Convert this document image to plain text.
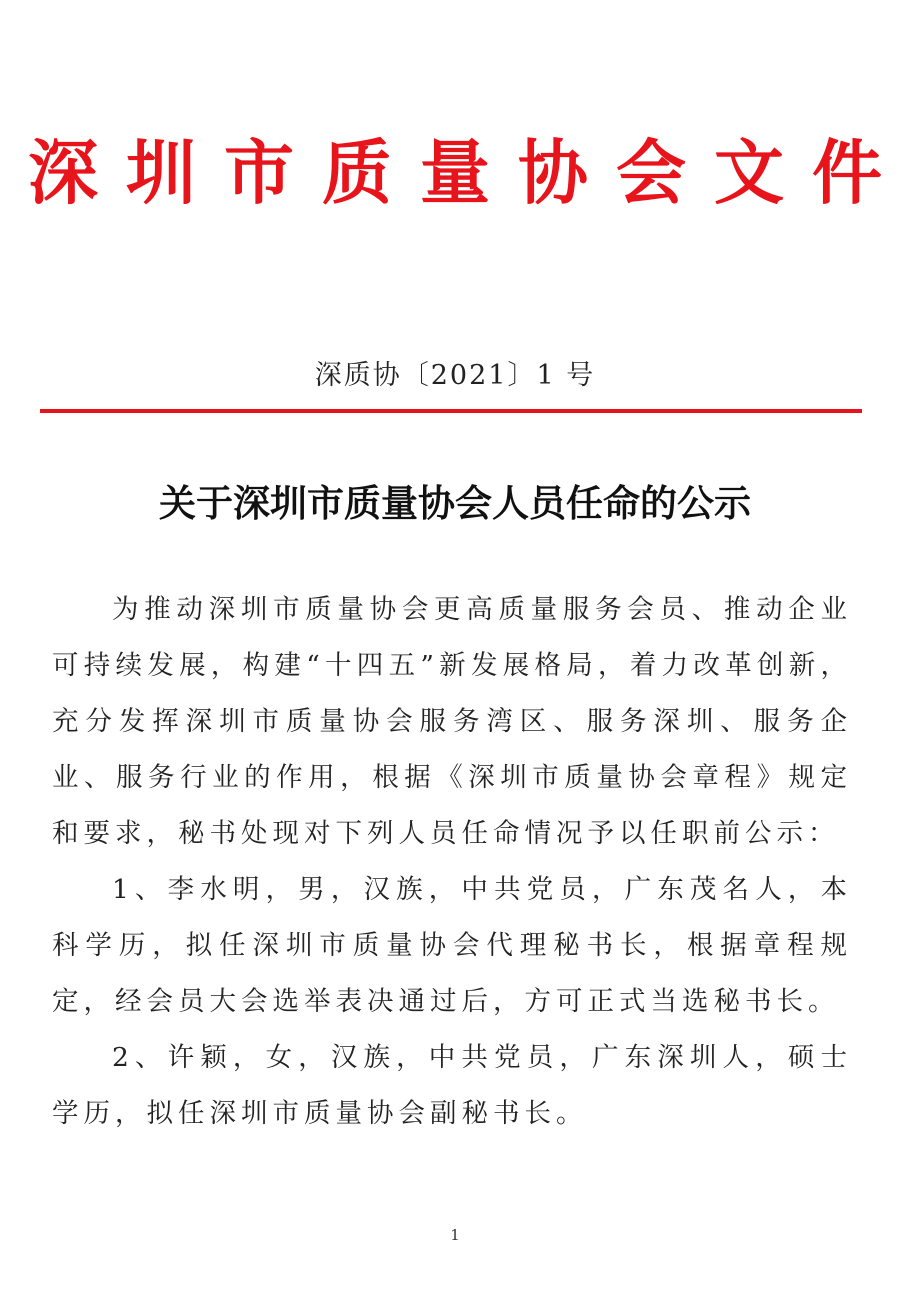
深圳市质量协会文件
深质协〔2021〕1 号
关于深圳市质量协会人员任命的公示

为推动深圳市质量协会更高质量服务会员、推动企业可持续发展，构建“十四五”新发展格局，着力改革创新，充分发挥深圳市质量协会服务湾区、服务深圳、服务企业、服务行业的作用，根据《深圳市质量协会章程》规定和要求，秘书处现对下列人员任命情况予以任职前公示：

1、李水明，男，汉族，中共党员，广东茂名人，本科学历，拟任深圳市质量协会代理秘书长，根据章程规定，经会员大会选举表决通过后，方可正式当选秘书长。

2、许颖，女，汉族，中共党员，广东深圳人，硕士学历，拟任深圳市质量协会副秘书长。

1
